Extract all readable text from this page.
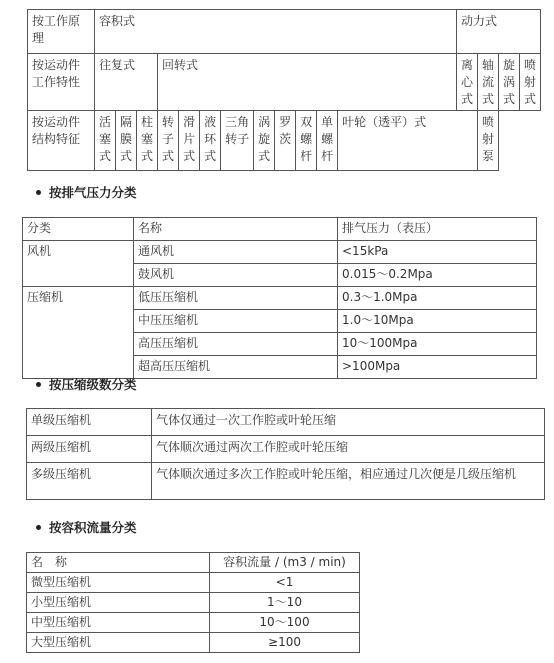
按工作原理	容积式												动力式			
按运动件工作特性	往复式			回转式									离心式	轴流式	旋涡式	喷射式
按运动件结构特征	活塞式	隔膜式	柱塞式	转子式	滑片式	液环式	三角转子	涡旋式	罗茨	双螺杆	单螺杆	叶轮（透平）式		喷射泵		
按排气压力分类
分类	名称	排气压力（表压）
风机	通风机	<15kPa
	鼓风机	0.015～0.2Mpa
压缩机	低压压缩机	0.3～1.0Mpa
	中压压缩机	1.0～10Mpa
	高压压缩机	10～100Mpa
	超高压压缩机	>100Mpa
按压缩级数分类
单级压缩机	气体仅通过一次工作腔或叶轮压缩
两级压缩机	气体顺次通过两次工作腔或叶轮压缩
多级压缩机	气体顺次通过多次工作腔或叶轮压缩，相应通过几次便是几级压缩机
按容积流量分类
名　称	容积流量 / (m3 / min)
微型压缩机	<1
小型压缩机	1～10
中型压缩机	10～100
大型压缩机	≥100
